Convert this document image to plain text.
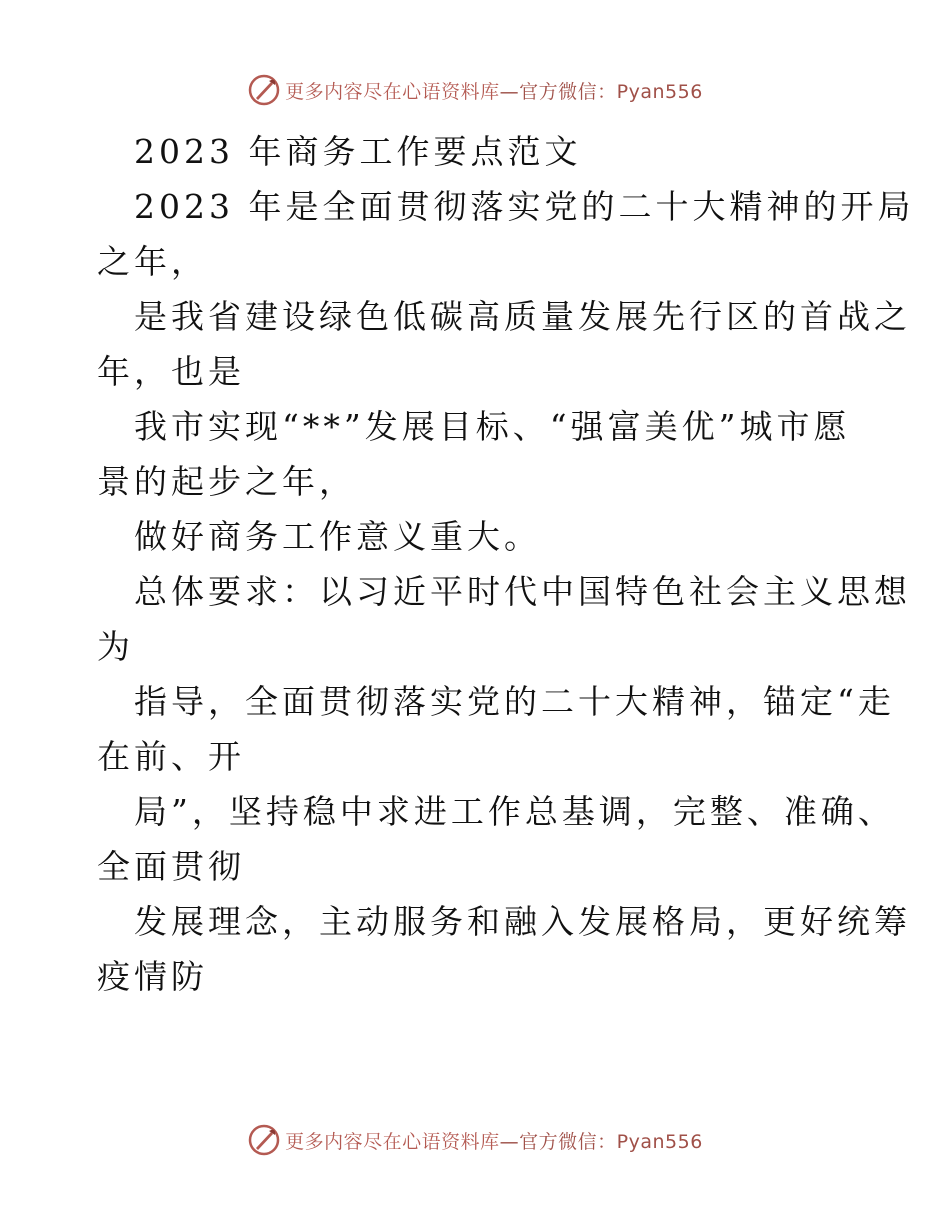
更多内容尽在心语资料库—官方微信：Pyan556
2023 年商务工作要点范文
2023 年是全面贯彻落实党的二十大精神的开局
之年，
是我省建设绿色低碳高质量发展先行区的首战之
年，也是
我市实现“**”发展目标、“强富美优”城市愿
景的起步之年，
做好商务工作意义重大。
总体要求：以习近平时代中国特色社会主义思想
为
指导，全面贯彻落实党的二十大精神，锚定“走
在前、开
局”，坚持稳中求进工作总基调，完整、准确、
全面贯彻
发展理念，主动服务和融入发展格局，更好统筹
疫情防
更多内容尽在心语资料库—官方微信：Pyan556
